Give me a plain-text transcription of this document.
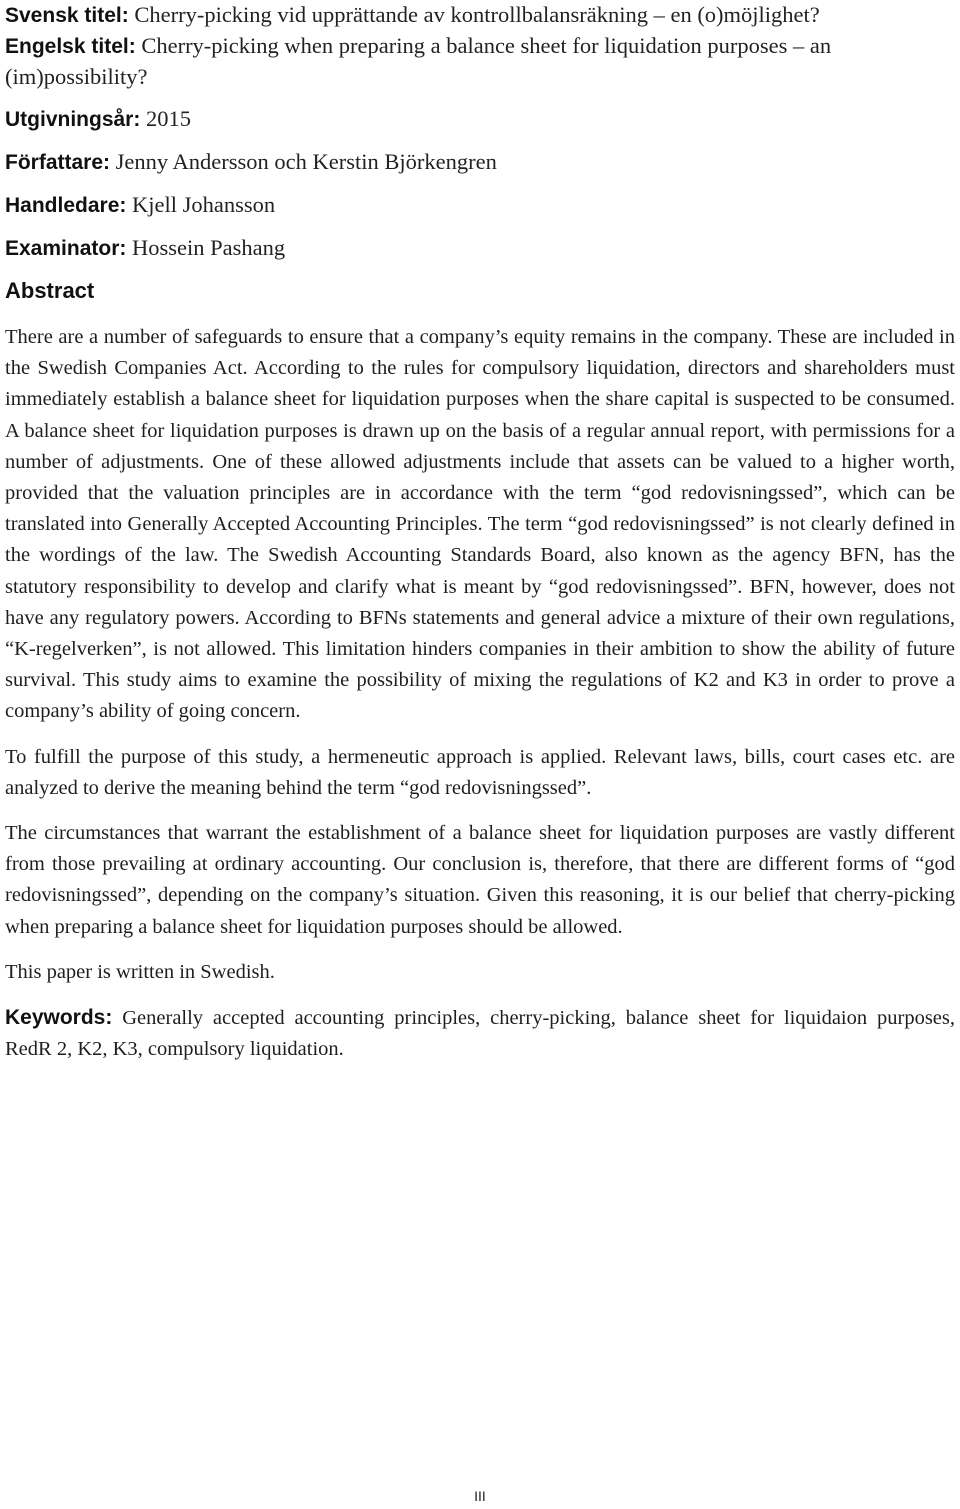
Svensk titel: Cherry-picking vid upprättande av kontrollbalansräkning – en (o)möjlighet?

Engelsk titel: Cherry-picking when preparing a balance sheet for liquidation purposes – an (im)possibility?

Utgivningsår: 2015

Författare: Jenny Andersson och Kerstin Björkengren

Handledare: Kjell Johansson

Examinator: Hossein Pashang

Abstract

There are a number of safeguards to ensure that a company’s equity remains in the company. These are included in the Swedish Companies Act. According to the rules for compulsory liquidation, directors and shareholders must immediately establish a balance sheet for liquidation purposes when the share capital is suspected to be consumed. A balance sheet for liquidation purposes is drawn up on the basis of a regular annual report, with permissions for a number of adjustments. One of these allowed adjustments include that assets can be valued to a higher worth, provided that the valuation principles are in accordance with the term “god redovisningssed”, which can be translated into Generally Accepted Accounting Principles. The term “god redovisningssed” is not clearly defined in the wordings of the law. The Swedish Accounting Standards Board, also known as the agency BFN, has the statutory responsibility to develop and clarify what is meant by “god redovisningssed”. BFN, however, does not have any regulatory powers. According to BFNs statements and general advice a mixture of their own regulations, “K-regelverken”, is not allowed. This limitation hinders companies in their ambition to show the ability of future survival. This study aims to examine the possibility of mixing the regulations of K2 and K3 in order to prove a company’s ability of going concern.

To fulfill the purpose of this study, a hermeneutic approach is applied. Relevant laws, bills, court cases etc. are analyzed to derive the meaning behind the term “god redovisningssed”.

The circumstances that warrant the establishment of a balance sheet for liquidation purposes are vastly different from those prevailing at ordinary accounting. Our conclusion is, therefore, that there are different forms of “god redovisningssed”, depending on the company’s situation. Given this reasoning, it is our belief that cherry-picking when preparing a balance sheet for liquidation purposes should be allowed.

This paper is written in Swedish.

Keywords: Generally accepted accounting principles, cherry-picking, balance sheet for liquidaion purposes, RedR 2, K2, K3, compulsory liquidation.

III
